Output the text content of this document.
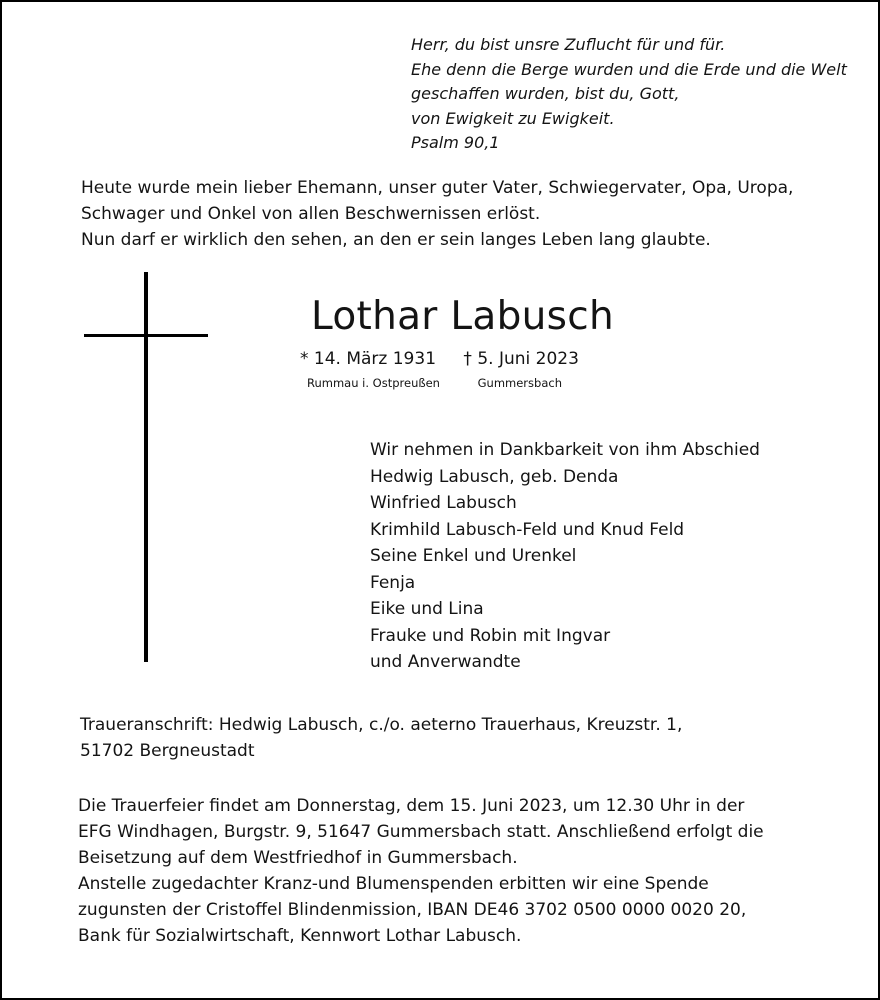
Herr, du bist unsre Zuflucht für und für.
Ehe denn die Berge wurden und die Erde und die Welt
geschaffen wurden, bist du, Gott,
von Ewigkeit zu Ewigkeit.
Psalm 90,1
Heute wurde mein lieber Ehemann, unser guter Vater, Schwiegervater, Opa, Uropa,
Schwager und Onkel von allen Beschwernissen erlöst.
Nun darf er wirklich den sehen, an den er sein langes Leben lang glaubte.
Lothar Labusch
* 14. März 1931 † 5. Juni 2023
Rummau i. Ostpreußen	Gummersbach
Wir nehmen in Dankbarkeit von ihm Abschied
Hedwig Labusch, geb. Denda
Winfried Labusch
Krimhild Labusch-Feld und Knud Feld
Seine Enkel und Urenkel
Fenja
Eike und Lina
Frauke und Robin mit Ingvar
und Anverwandte
Traueranschrift: Hedwig Labusch, c./o. aeterno Trauerhaus, Kreuzstr. 1,
51702 Bergneustadt
Die Trauerfeier findet am Donnerstag, dem 15. Juni 2023, um 12.30 Uhr in der
EFG Windhagen, Burgstr. 9, 51647 Gummersbach statt. Anschließend erfolgt die
Beisetzung auf dem Westfriedhof in Gummersbach.
Anstelle zugedachter Kranz-und Blumenspenden erbitten wir eine Spende
zugunsten der Cristoffel Blindenmission, IBAN DE46 3702 0500 0000 0020 20,
Bank für Sozialwirtschaft, Kennwort Lothar Labusch.
